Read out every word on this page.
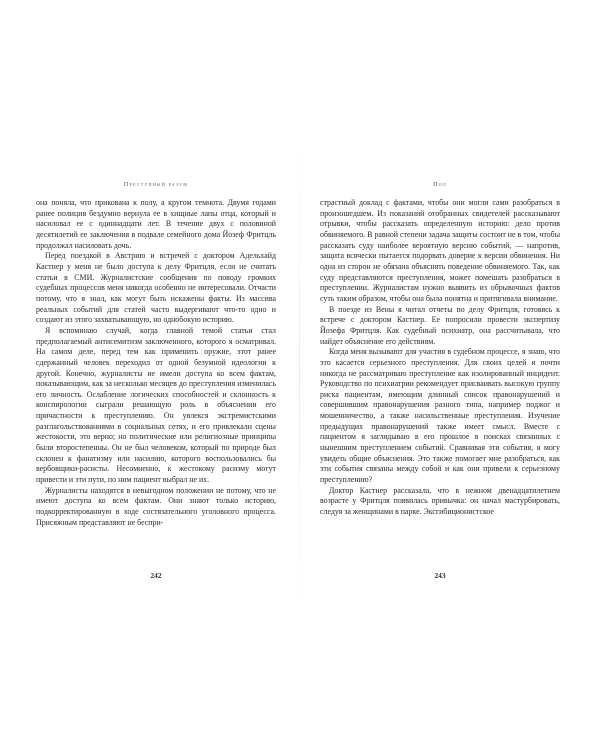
Преступный разум

она поняла, что прикована к полу, а кругом темнота. Двумя годами ранее полиция бездумно вернула ее в хищные лапы отца, который и насиловал ее с одиннадцати лет. В течение двух с половиной десятилетий ее заключения в подвале семейного дома Йозеф Фритцль продолжал насиловать дочь.

Перед поездкой в Австрию и встречей с доктором Адельхайд Кастнер у меня не было доступа к делу Фритцля, если не считать статьи в СМИ. Журналистские сообщения по поводу громких судебных процессов меня никогда особенно не интересовали. Отчасти потому, что я знал, как могут быть искажены факты. Из массива реальных событий для статей часто выдергивают что-то одно и создают из этого захватывающую, но однобокую историю.

Я вспоминаю случай, когда главной темой статьи стал предполагаемый антисемитизм заключенного, которого я осматривал. На самом деле, перед тем как применить оружие, этот ранее сдержанный человек переходил от одной безумной идеологии к другой. Конечно, журналисты не имели доступа ко всем фактам, показывающим, как за несколько месяцев до преступления изменилась его личность. Ослабление логических способностей и склонность к конспирологии сыграли решающую роль в объяснении его причастности к преступлению. Он увлекся экстремистскими разглагольствованиями в социальных сетях, и его привлекали сцены жестокости, это верно; но политические или религиозные принципы были второстепенны. Он не был человеком, который по природе был склонен к фанатизму или насилию, которого воспользовались бы вербовщики-расисты. Несомненно, к жестокому расизму могут привести и эти пути, по ним пациент выбрал не их.

Журналисты находятся в невыгодном положении не потому, что не имеют доступа ко всем фактам. Они знают только историю, подкорректированную в ходе состязательного уголовного процесса. Присяжным представляют не беспри-

242
Пол

страстный доклад с фактами, чтобы они могли сами разобраться в произошедшем. Из показаний отобранных свидетелей рассказывают отрывки, чтобы рассказать определенную историю: дело против обвиняемого. В равной степени задача защиты состоит не в том, чтобы рассказать суду наиболее вероятную версию событий, — напротив, защита всячески пытается подорвать доверие к версии обвинения. Ни одна из сторон не обязана объяснять поведение обвиняемого. Так, как суду представляются преступления, может помешать разобраться в преступлении. Журналистам нужно выявить из обрывочных фактов суть таким образом, чтобы она была понятна и притягивала внимание.

В поезде из Вены я читал отчеты по делу Фритцля, готовясь к встрече с доктором Кастнер. Ее попросили провести экспертизу Йозефа Фритцля. Как судебный психиатр, она рассчитывала, что найдет объяснение его действиям.

Когда меня вызывают для участия в судебном процессе, я знаю, что это касается серьезного преступления. Для своих целей я почти никогда не рассматриваю преступление как изолированный инцидент. Руководство по психиатрии рекомендует присваивать высокую группу риска пациентам, имеющим длинный список правонарушений и совершившим правонарушения разного типа, например поджог и мошенничество, а также насильственные преступления. Изучение предыдущих правонарушений также имеет смысл. Вместе с пациентом я заглядываю в его прошлое в поисках связанных с нынешним преступлением событий. Сравнивая эти события, я могу увидеть общие объяснения. Это также помогает мне разобраться, как эти события связаны между собой и как они привели к серьезному преступлению?

Доктор Кастнер рассказала, что в нежном двенадцатилетнем возрасте у Фритцля появилась привычка: он начал мастурбировать, следуя за женщинами в парке. Эксгибиционистское

243
